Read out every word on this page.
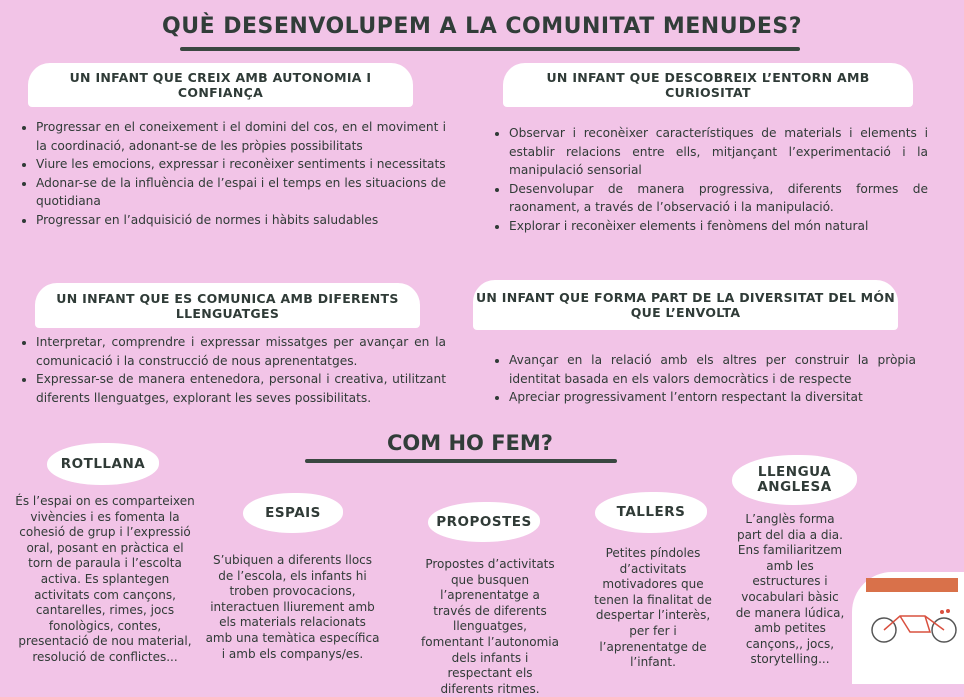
QUÈ DESENVOLUPEM A LA COMUNITAT MENUDES?
UN INFANT QUE CREIX AMB AUTONOMIA I CONFIANÇA
• Progressar en el coneixement i el domini del cos, en el moviment i la coordinació, adonant-se de les pròpies possibilitats
• Viure les emocions, expressar i reconèixer sentiments i necessitats
• Adonar-se de la influència de l’espai i el temps en les situacions de quotidiana
• Progressar en l’adquisició de normes i hàbits saludables
UN INFANT QUE DESCOBREIX L’ENTORN AMB CURIOSITAT
• Observar i reconèixer característiques de materials i elements i establir relacions entre ells, mitjançant l’experimentació i la manipulació sensorial
• Desenvolupar de manera progressiva, diferents formes de raonament, a través de l’observació i la manipulació.
• Explorar i reconèixer elements i fenòmens del món natural
UN INFANT QUE ES COMUNICA AMB DIFERENTS LLENGUATGES
• Interpretar, comprendre i expressar missatges per avançar en la comunicació i la construcció de nous aprenentatges.
• Expressar-se de manera entenedora, personal i creativa, utilitzant diferents llenguatges, explorant les seves possibilitats.
UN INFANT QUE FORMA PART DE LA DIVERSITAT DEL MÓN QUE L’ENVOLTA
• Avançar en la relació amb els altres per construir la pròpia identitat basada en els valors democràtics i de respecte
• Apreciar progressivament l’entorn respectant la diversitat
COM HO FEM?
ROTLLANA
És l’espai on es comparteixen vivències i es fomenta la cohesió de grup i l’expressió oral, posant en pràctica el torn de paraula i l’escolta activa. Es splantegen activitats com cançons, cantarelles, rimes, jocs fonològics, contes, presentació de nou material, resolució de conflictes...
ESPAIS
S’ubiquen a diferents llocs de l’escola, els infants hi troben provocacions, interactuen lliurement amb els materials relacionats amb una temàtica específica i amb els companys/es.
PROPOSTES
Propostes d’activitats que busquen l’aprenentatge a través de diferents llenguatges, fomentant l’autonomia dels infants i respectant els diferents ritmes.
TALLERS
Petites píndoles d’activitats motivadores que tenen la finalitat de despertar l’interès, per fer i l’aprenentatge de l’infant.
LLENGUA ANGLESA
L’anglès forma part del dia a dia. Ens familiaritzem amb les estructures i vocabulari bàsic de manera lúdica, amb petites cançons,, jocs, storytelling...
